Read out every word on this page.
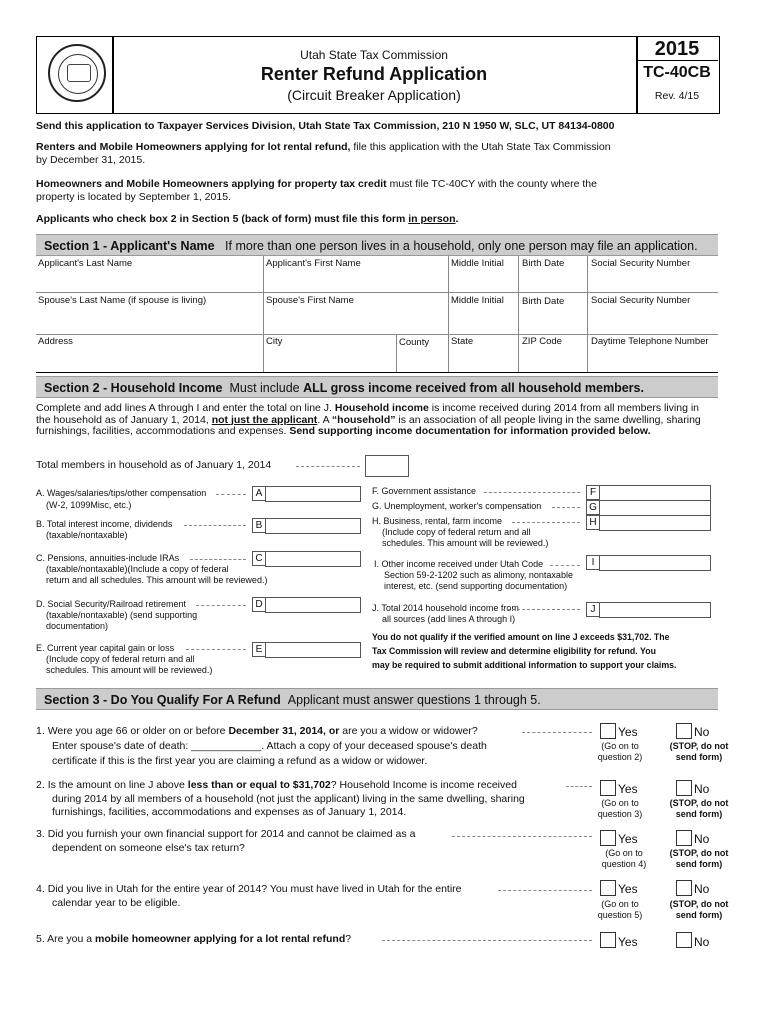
Utah State Tax Commission
Renter Refund Application
(Circuit Breaker Application)
2015
TC-40CB
Rev. 4/15
Send this application to Taxpayer Services Division, Utah State Tax Commission, 210 N 1950 W, SLC, UT 84134-0800
Renters and Mobile Homeowners applying for lot rental refund, file this application with the Utah State Tax Commission by December 31, 2015.
Homeowners and Mobile Homeowners applying for property tax credit must file TC-40CY with the county where the property is located by September 1, 2015.
Applicants who check box 2 in Section 5 (back of form) must file this form in person.
Section 1 - Applicant's Name If more than one person lives in a household, only one person may file an application.
Applicant's Last Name	Applicant's First Name	Middle Initial Birth Date	Social Security Number
Spouse's Last Name (if spouse is living)	Spouse's First Name	Middle Initial Birth Date	Social Security Number
Address	City	County State	ZIP Code	Daytime Telephone Number
Section 2 - Household Income Must include ALL gross income received from all household members.
Complete and add lines A through I and enter the total on line J. Household income is income received during 2014 from all members living in the household as of January 1, 2014, not just the applicant. A “household” is an association of all people living in the same dwelling, sharing furnishings, facilities, accommodations and expenses. Send supporting income documentation for information provided below.
Total members in household as of January 1, 2014
A. Wages/salaries/tips/other compensation
(W-2, 1099Misc, etc.)
A
B. Total interest income, dividends
(taxable/nontaxable)
B
C. Pensions, annuities-include IRAs
(taxable/nontaxable)(Include a copy of federal
return and all schedules. This amount will be reviewed.)
C
D. Social Security/Railroad retirement
(taxable/nontaxable) (send supporting
documentation)
D
E. Current year capital gain or loss
(Include copy of federal return and all
schedules. This amount will be reviewed.)
E
F. Government assistance	F
G. Unemployment, worker's compensation	G
H. Business, rental, farm income
(Include copy of federal return and all
schedules. This amount will be reviewed.)
H
I. Other income received under Utah Code
Section 59-2-1202 such as alimony, nontaxable
interest, etc. (send supporting documentation)
I
J. Total 2014 household income from
all sources (add lines A through I)
J
You do not qualify if the verified amount on line J exceeds $31,702. The
Tax Commission will review and determine eligibility for refund. You
may be required to submit additional information to support your claims.
Section 3 - Do You Qualify For A Refund Applicant must answer questions 1 through 5.
1. Were you age 66 or older on or before December 31, 2014, or are you a widow or widower?
Enter spouse's date of death: ____________. Attach a copy of your deceased spouse's death
certificate if this is the first year you are claiming a refund as a widow or widower.
Yes
(Go on to
question 2)
No
(STOP, do not
send form)
2. Is the amount on line J above less than or equal to $31,702? Household Income is income received
during 2014 by all members of a household (not just the applicant) living in the same dwelling, sharing
furnishings, facilities, accommodations and expenses as of January 1, 2014.
Yes
(Go on to
question 3)
No
(STOP, do not
send form)
3. Did you furnish your own financial support for 2014 and cannot be claimed as a
dependent on someone else's tax return?
Yes
(Go on to
question 4)
No
(STOP, do not
send form)
4. Did you live in Utah for the entire year of 2014? You must have lived in Utah for the entire
calendar year to be eligible.
Yes
(Go on to
question 5)
No
(STOP, do not
send form)
5. Are you a mobile homeowner applying for a lot rental refund?	Yes	No
